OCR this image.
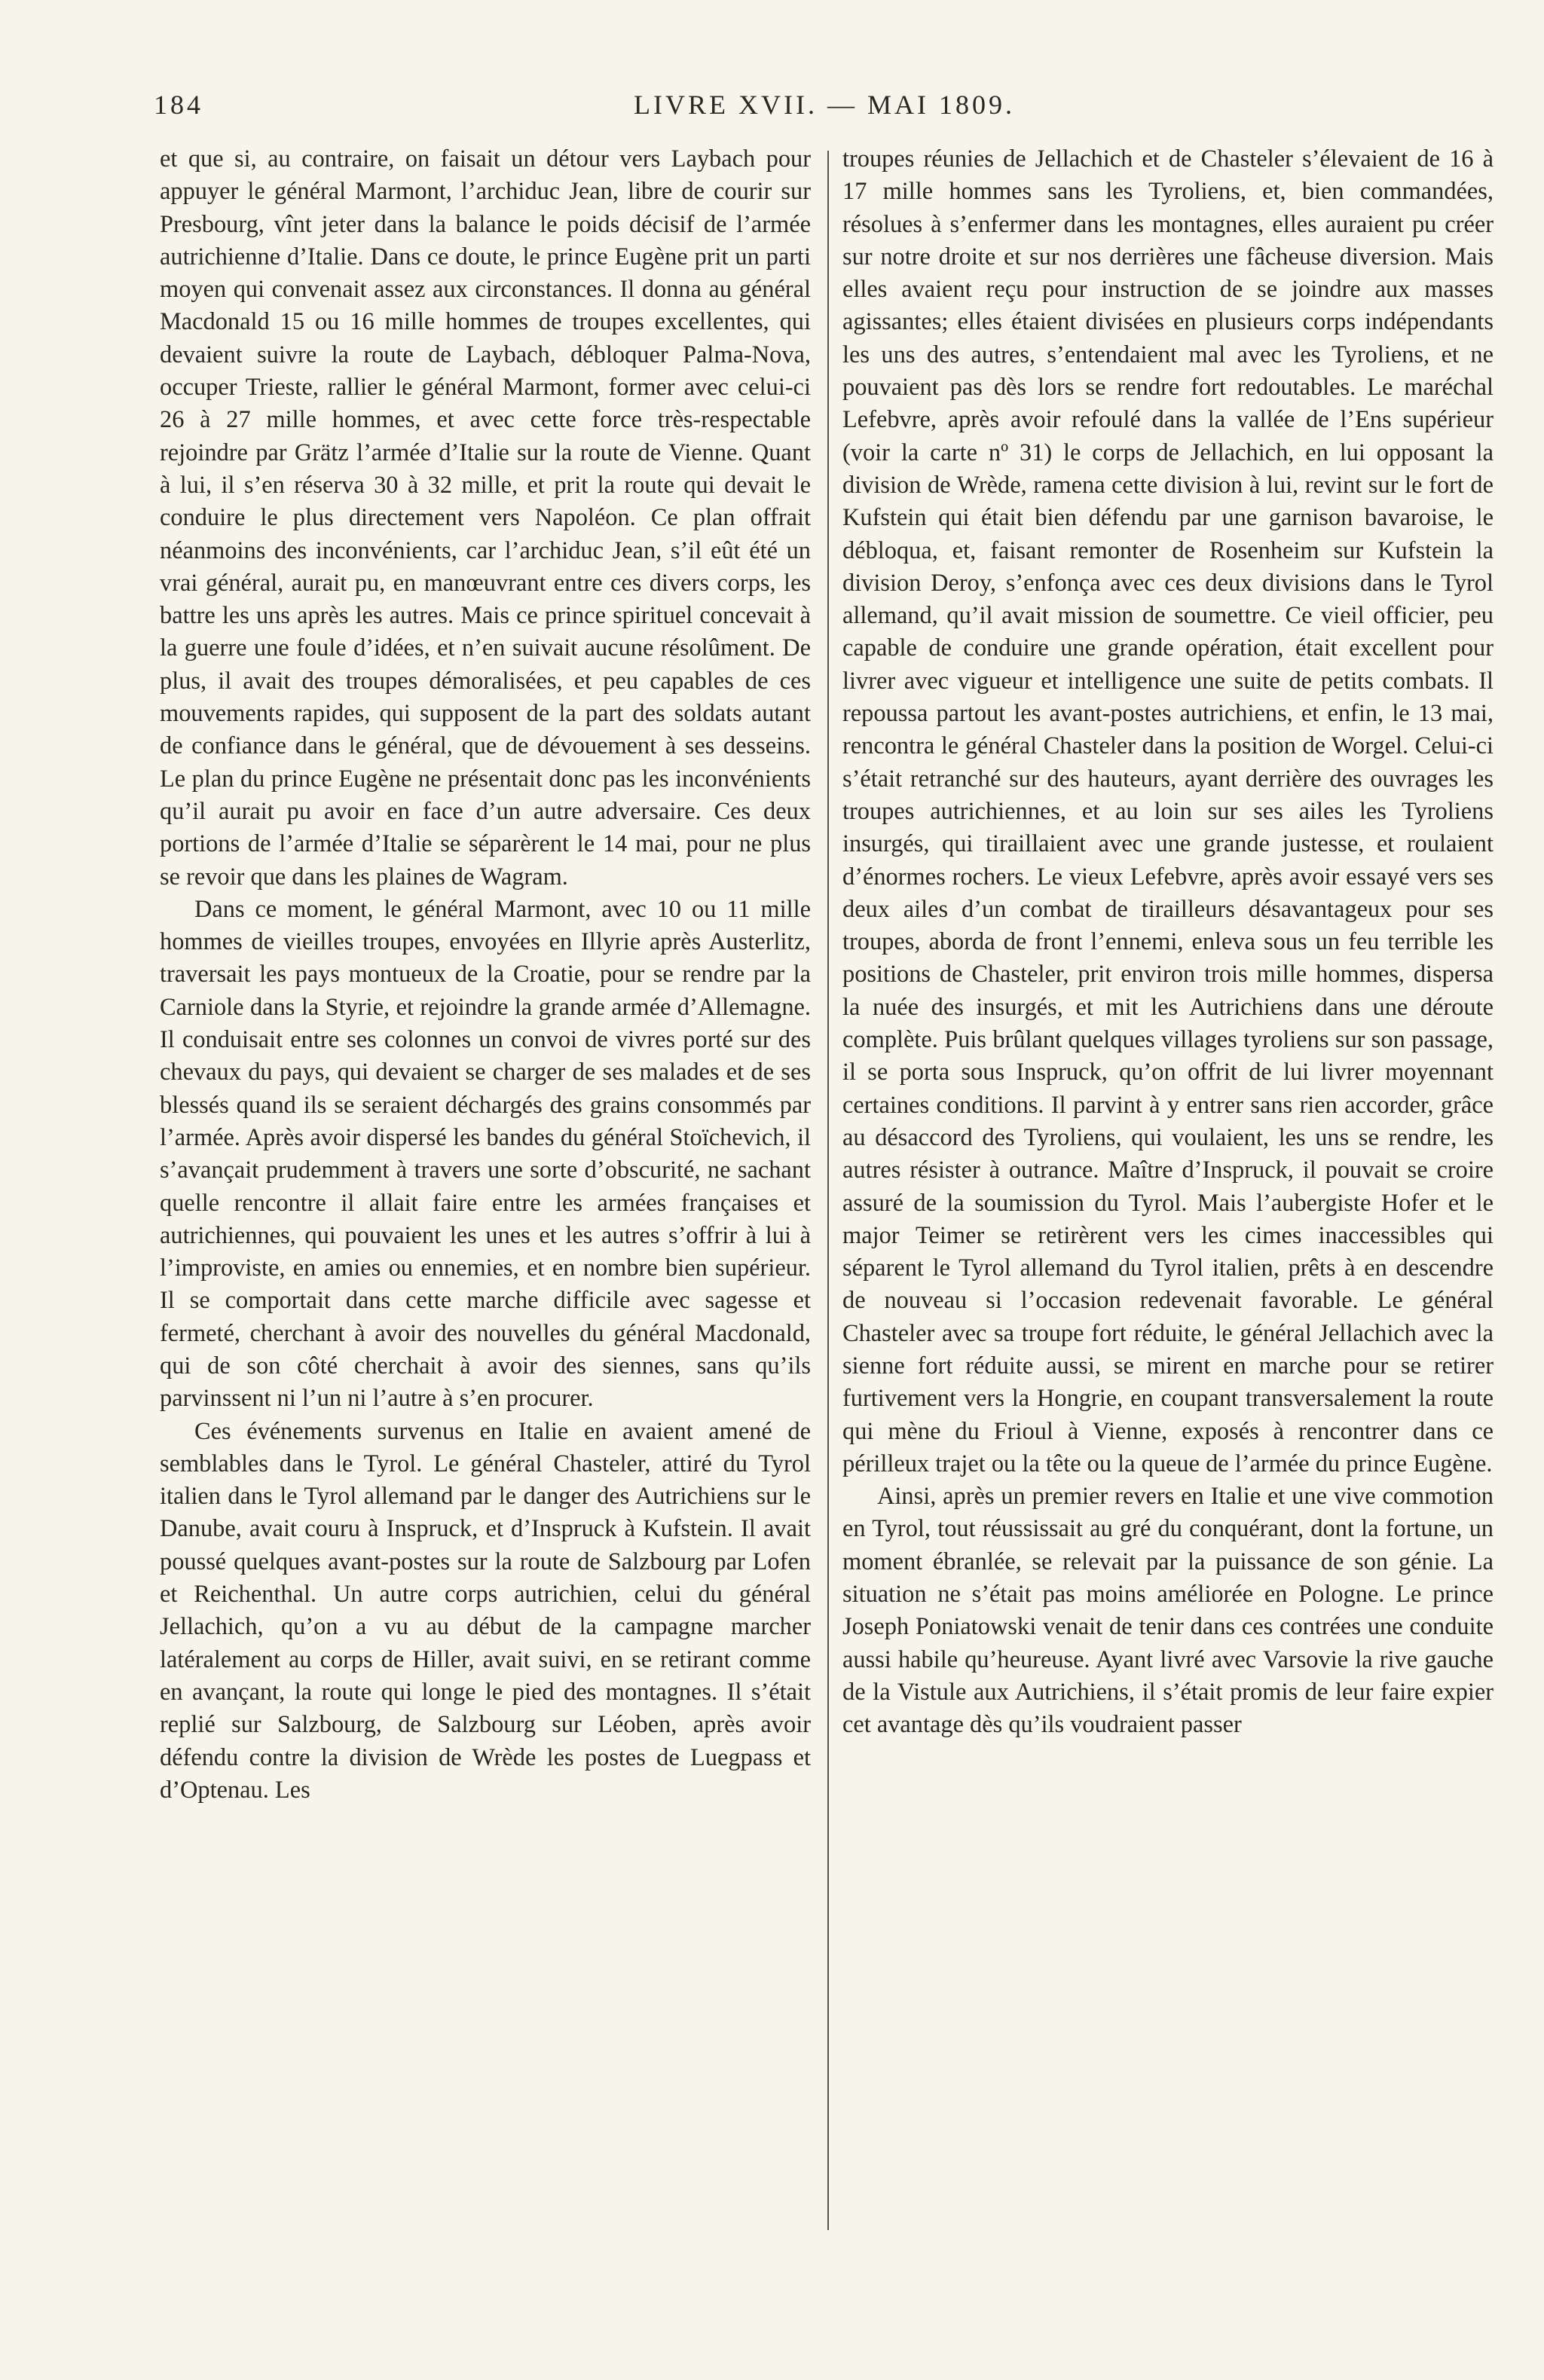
184	LIVRE XVII. — MAI 1809.

et que si, au contraire, on faisait un détour vers Laybach pour appuyer le général Marmont, l’archiduc Jean, libre de courir sur Presbourg, vînt jeter dans la balance le poids décisif de l’armée autrichienne d’Italie. Dans ce doute, le prince Eugène prit un parti moyen qui convenait assez aux circonstances. Il donna au général Macdonald 15 ou 16 mille hommes de troupes excellentes, qui devaient suivre la route de Laybach, débloquer Palma-Nova, occuper Trieste, rallier le général Marmont, former avec celui-ci 26 à 27 mille hommes, et avec cette force très-respectable rejoindre par Grätz l’armée d’Italie sur la route de Vienne. Quant à lui, il s’en réserva 30 à 32 mille, et prit la route qui devait le conduire le plus directement vers Napoléon. Ce plan offrait néanmoins des inconvénients, car l’archiduc Jean, s’il eût été un vrai général, aurait pu, en manœuvrant entre ces divers corps, les battre les uns après les autres. Mais ce prince spirituel concevait à la guerre une foule d’idées, et n’en suivait aucune résolûment. De plus, il avait des troupes démoralisées, et peu capables de ces mouvements rapides, qui supposent de la part des soldats autant de confiance dans le général, que de dévouement à ses desseins. Le plan du prince Eugène ne présentait donc pas les inconvénients qu’il aurait pu avoir en face d’un autre adversaire. Ces deux portions de l’armée d’Italie se séparèrent le 14 mai, pour ne plus se revoir que dans les plaines de Wagram.

Dans ce moment, le général Marmont, avec 10 ou 11 mille hommes de vieilles troupes, envoyées en Illyrie après Austerlitz, traversait les pays montueux de la Croatie, pour se rendre par la Carniole dans la Styrie, et rejoindre la grande armée d’Allemagne. Il conduisait entre ses colonnes un convoi de vivres porté sur des chevaux du pays, qui devaient se charger de ses malades et de ses blessés quand ils se seraient déchargés des grains consommés par l’armée. Après avoir dispersé les bandes du général Stoïchevich, il s’avançait prudemment à travers une sorte d’obscurité, ne sachant quelle rencontre il allait faire entre les armées françaises et autrichiennes, qui pouvaient les unes et les autres s’offrir à lui à l’improviste, en amies ou ennemies, et en nombre bien supérieur. Il se comportait dans cette marche difficile avec sagesse et fermeté, cherchant à avoir des nouvelles du général Macdonald, qui de son côté cherchait à avoir des siennes, sans qu’ils parvinssent ni l’un ni l’autre à s’en procurer.

Ces événements survenus en Italie en avaient amené de semblables dans le Tyrol. Le général Chasteler, attiré du Tyrol italien dans le Tyrol allemand par le danger des Autrichiens sur le Danube, avait couru à Inspruck, et d’Inspruck à Kufstein. Il avait poussé quelques avant-postes sur la route de Salzbourg par Lofen et Reichenthal. Un autre corps autrichien, celui du général Jellachich, qu’on a vu au début de la campagne marcher latéralement au corps de Hiller, avait suivi, en se retirant comme en avançant, la route qui longe le pied des montagnes. Il s’était replié sur Salzbourg, de Salzbourg sur Léoben, après avoir défendu contre la division de Wrède les postes de Luegpass et d’Optenau. Les

troupes réunies de Jellachich et de Chasteler s’élevaient de 16 à 17 mille hommes sans les Tyroliens, et, bien commandées, résolues à s’enfermer dans les montagnes, elles auraient pu créer sur notre droite et sur nos derrières une fâcheuse diversion. Mais elles avaient reçu pour instruction de se joindre aux masses agissantes; elles étaient divisées en plusieurs corps indépendants les uns des autres, s’entendaient mal avec les Tyroliens, et ne pouvaient pas dès lors se rendre fort redoutables. Le maréchal Lefebvre, après avoir refoulé dans la vallée de l’Ens supérieur (voir la carte nº 31) le corps de Jellachich, en lui opposant la division de Wrède, ramena cette division à lui, revint sur le fort de Kufstein qui était bien défendu par une garnison bavaroise, le débloqua, et, faisant remonter de Rosenheim sur Kufstein la division Deroy, s’enfonça avec ces deux divisions dans le Tyrol allemand, qu’il avait mission de soumettre. Ce vieil officier, peu capable de conduire une grande opération, était excellent pour livrer avec vigueur et intelligence une suite de petits combats. Il repoussa partout les avant-postes autrichiens, et enfin, le 13 mai, rencontra le général Chasteler dans la position de Worgel. Celui-ci s’était retranché sur des hauteurs, ayant derrière des ouvrages les troupes autrichiennes, et au loin sur ses ailes les Tyroliens insurgés, qui tiraillaient avec une grande justesse, et roulaient d’énormes rochers. Le vieux Lefebvre, après avoir essayé vers ses deux ailes d’un combat de tirailleurs désavantageux pour ses troupes, aborda de front l’ennemi, enleva sous un feu terrible les positions de Chasteler, prit environ trois mille hommes, dispersa la nuée des insurgés, et mit les Autrichiens dans une déroute complète. Puis brûlant quelques villages tyroliens sur son passage, il se porta sous Inspruck, qu’on offrit de lui livrer moyennant certaines conditions. Il parvint à y entrer sans rien accorder, grâce au désaccord des Tyroliens, qui voulaient, les uns se rendre, les autres résister à outrance. Maître d’Inspruck, il pouvait se croire assuré de la soumission du Tyrol. Mais l’aubergiste Hofer et le major Teimer se retirèrent vers les cimes inaccessibles qui séparent le Tyrol allemand du Tyrol italien, prêts à en descendre de nouveau si l’occasion redevenait favorable. Le général Chasteler avec sa troupe fort réduite, le général Jellachich avec la sienne fort réduite aussi, se mirent en marche pour se retirer furtivement vers la Hongrie, en coupant transversalement la route qui mène du Frioul à Vienne, exposés à rencontrer dans ce périlleux trajet ou la tête ou la queue de l’armée du prince Eugène.

Ainsi, après un premier revers en Italie et une vive commotion en Tyrol, tout réussissait au gré du conquérant, dont la fortune, un moment ébranlée, se relevait par la puissance de son génie. La situation ne s’était pas moins améliorée en Pologne. Le prince Joseph Poniatowski venait de tenir dans ces contrées une conduite aussi habile qu’heureuse. Ayant livré avec Varsovie la rive gauche de la Vistule aux Autrichiens, il s’était promis de leur faire expier cet avantage dès qu’ils voudraient passer
